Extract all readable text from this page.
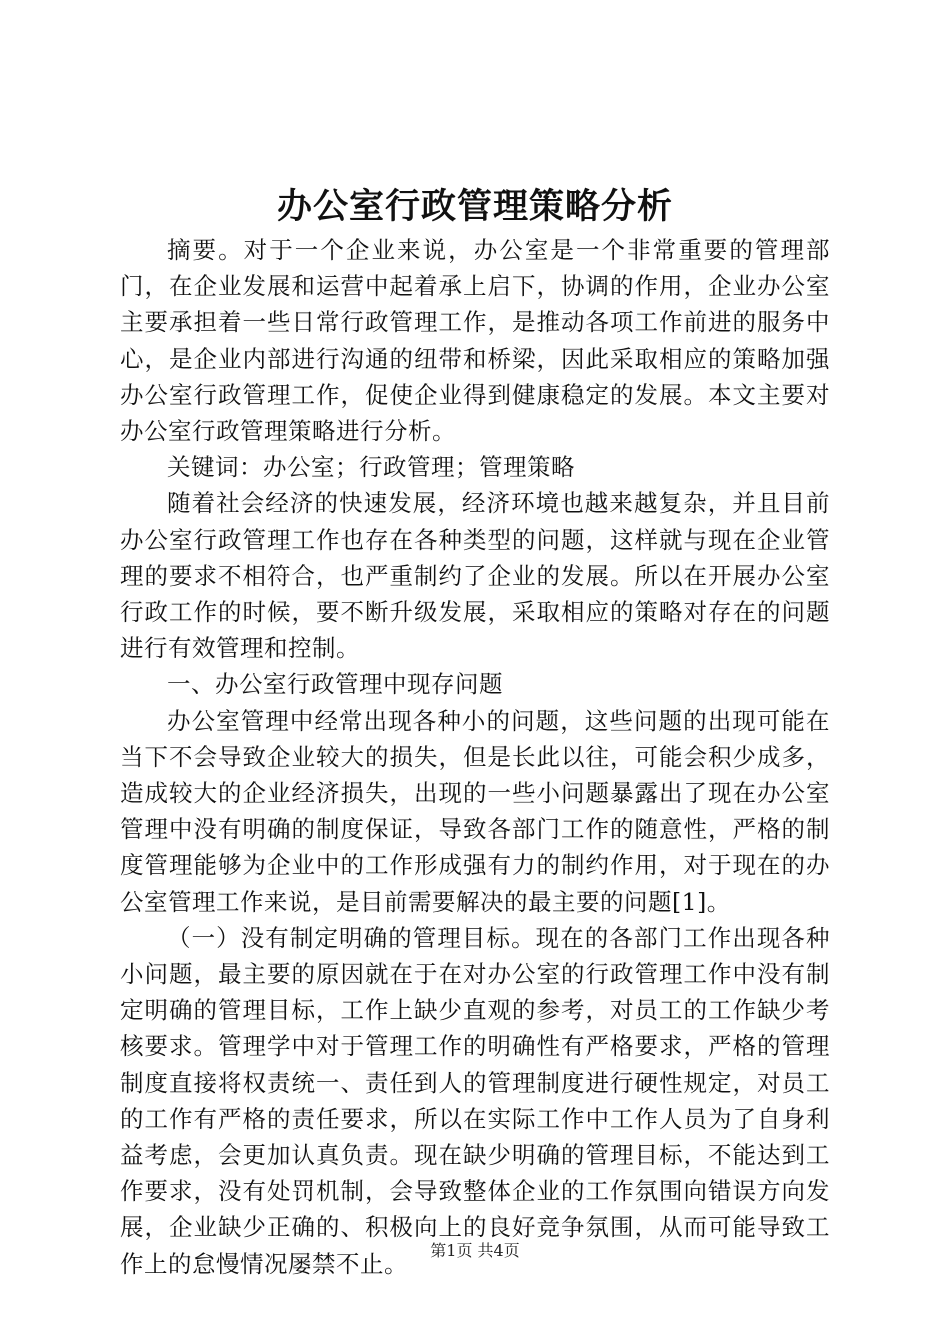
办公室行政管理策略分析

摘要。对于一个企业来说，办公室是一个非常重要的管理部门，在企业发展和运营中起着承上启下，协调的作用，企业办公室主要承担着一些日常行政管理工作，是推动各项工作前进的服务中心，是企业内部进行沟通的纽带和桥梁，因此采取相应的策略加强办公室行政管理工作，促使企业得到健康稳定的发展。本文主要对办公室行政管理策略进行分析。

关键词：办公室；行政管理；管理策略

随着社会经济的快速发展，经济环境也越来越复杂，并且目前办公室行政管理工作也存在各种类型的问题，这样就与现在企业管理的要求不相符合，也严重制约了企业的发展。所以在开展办公室行政工作的时候，要不断升级发展，采取相应的策略对存在的问题进行有效管理和控制。

一、办公室行政管理中现存问题

办公室管理中经常出现各种小的问题，这些问题的出现可能在当下不会导致企业较大的损失，但是长此以往，可能会积少成多，造成较大的企业经济损失，出现的一些小问题暴露出了现在办公室管理中没有明确的制度保证，导致各部门工作的随意性，严格的制度管理能够为企业中的工作形成强有力的制约作用，对于现在的办公室管理工作来说，是目前需要解决的最主要的问题[1]。

（一）没有制定明确的管理目标。现在的各部门工作出现各种小问题，最主要的原因就在于在对办公室的行政管理工作中没有制定明确的管理目标，工作上缺少直观的参考，对员工的工作缺少考核要求。管理学中对于管理工作的明确性有严格要求，严格的管理制度直接将权责统一、责任到人的管理制度进行硬性规定，对员工的工作有严格的责任要求，所以在实际工作中工作人员为了自身利益考虑，会更加认真负责。现在缺少明确的管理目标，不能达到工作要求，没有处罚机制，会导致整体企业的工作氛围向错误方向发展，企业缺少正确的、积极向上的良好竞争氛围，从而可能导致工作上的怠慢情况屡禁不止。	第1页 共4页
